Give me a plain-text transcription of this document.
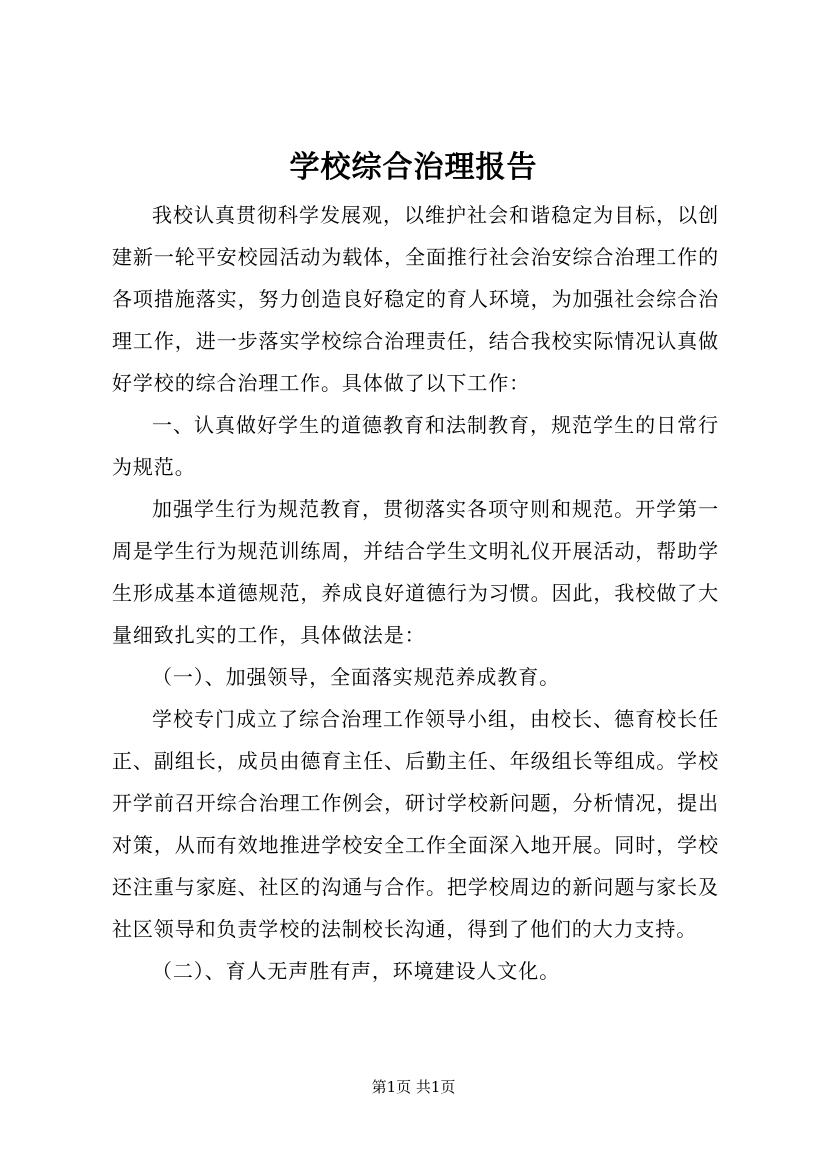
学校综合治理报告

我校认真贯彻科学发展观，以维护社会和谐稳定为目标，以创建新一轮平安校园活动为载体，全面推行社会治安综合治理工作的各项措施落实，努力创造良好稳定的育人环境，为加强社会综合治理工作，进一步落实学校综合治理责任，结合我校实际情况认真做好学校的综合治理工作。具体做了以下工作：

一、认真做好学生的道德教育和法制教育，规范学生的日常行为规范。

加强学生行为规范教育，贯彻落实各项守则和规范。开学第一周是学生行为规范训练周，并结合学生文明礼仪开展活动，帮助学生形成基本道德规范，养成良好道德行为习惯。因此，我校做了大量细致扎实的工作，具体做法是：

（一）、加强领导，全面落实规范养成教育。

学校专门成立了综合治理工作领导小组，由校长、德育校长任正、副组长，成员由德育主任、后勤主任、年级组长等组成。学校开学前召开综合治理工作例会，研讨学校新问题，分析情况，提出对策，从而有效地推进学校安全工作全面深入地开展。同时，学校还注重与家庭、社区的沟通与合作。把学校周边的新问题与家长及社区领导和负责学校的法制校长沟通，得到了他们的大力支持。

（二）、育人无声胜有声，环境建设人文化。

第1页 共1页
